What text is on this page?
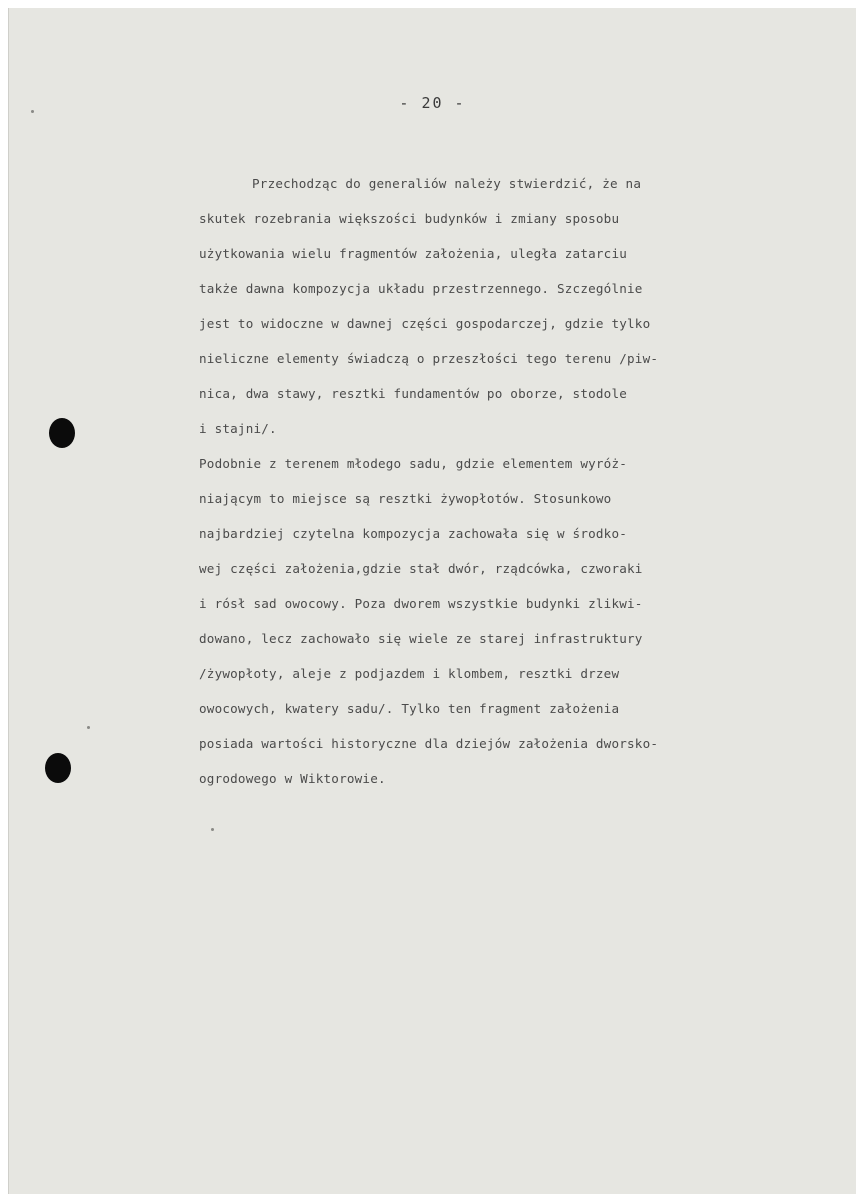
- 20 -

Przechodząc do generaliów należy stwierdzić, że na

skutek rozebrania większości budynków i zmiany sposobu

użytkowania wielu fragmentów założenia, uległa zatarciu

także dawna kompozycja układu przestrzennego. Szczególnie

jest to widoczne w dawnej części gospodarczej, gdzie tylko

nieliczne elementy świadczą o przeszłości tego terenu /piw-

nica, dwa stawy, resztki fundamentów po oborze, stodole

i stajni/.

Podobnie z terenem młodego sadu, gdzie elementem wyróż-

niającym to miejsce są resztki żywopłotów. Stosunkowo

najbardziej czytelna kompozycja zachowała się w środko-

wej części założenia,gdzie stał dwór, rządcówka, czworaki

i rósł sad owocowy. Poza dworem wszystkie budynki zlikwi-

dowano, lecz zachowało się wiele ze starej infrastruktury

/żywopłoty, aleje z podjazdem i klombem, resztki drzew

owocowych, kwatery sadu/. Tylko ten fragment założenia

posiada wartości historyczne dla dziejów założenia dworsko-

ogrodowego w Wiktorowie.
